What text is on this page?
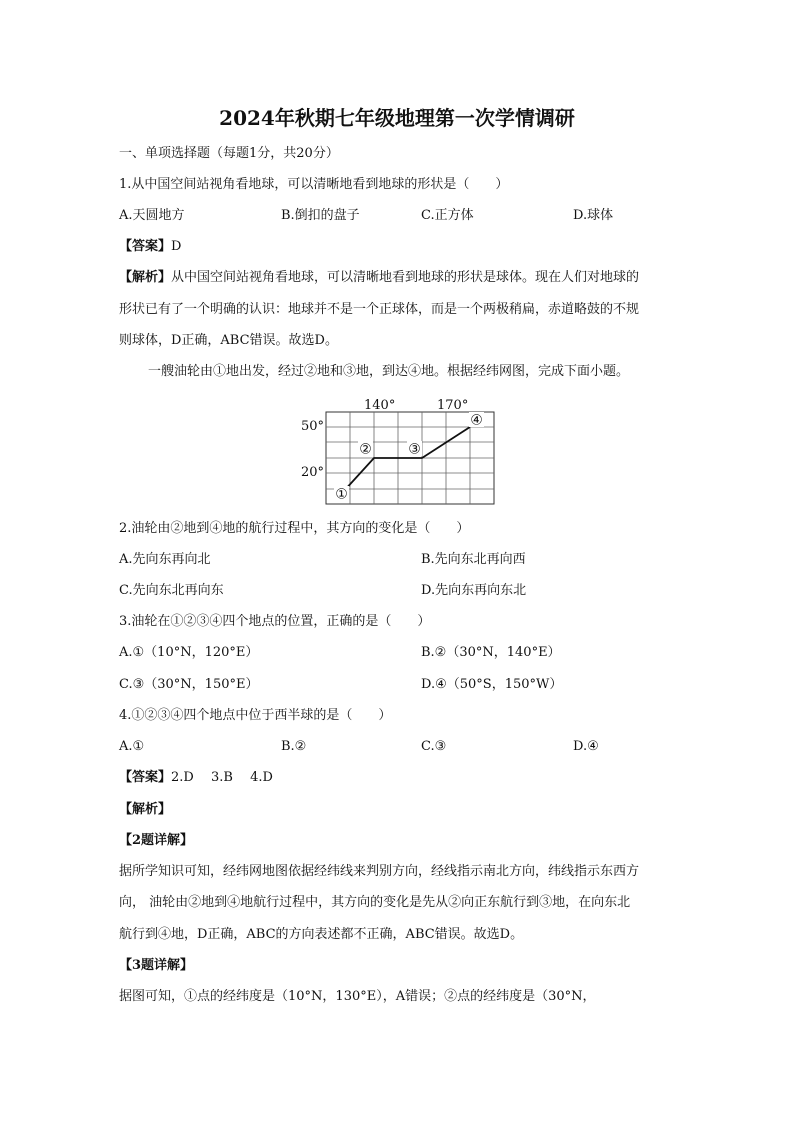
2024年秋期七年级地理第一次学情调研
一、单项选择题（每题1分，共20分）
1.从中国空间站视角看地球，可以清晰地看到地球的形状是（　　）
A.天圆地方	B.倒扣的盘子	C.正方体	D.球体
【答案】D
【解析】从中国空间站视角看地球，可以清晰地看到地球的形状是球体。现在人们对地球的
形状已有了一个明确的认识：地球并不是一个正球体，而是一个两极稍扁，赤道略鼓的不规
则球体，D正确，ABC错误。故选D。
一艘油轮由①地出发，经过②地和③地，到达④地。根据经纬网图，完成下面小题。
140°	170°
50°
20°
①
②	③
④
2.油轮由②地到④地的航行过程中，其方向的变化是（　　）
A.先向东再向北	B.先向东北再向西
C.先向东北再向东	D.先向东再向东北
3.油轮在①②③④四个地点的位置，正确的是（　　）
A.①（10°N，120°E）	B.②（30°N，140°E）
C.③（30°N，150°E）	D.④（50°S，150°W）
4.①②③④四个地点中位于西半球的是（　　）
A.①	B.②	C.③	D.④
【答案】2.D　 3.B　 4.D
【解析】
【2题详解】
据所学知识可知，经纬网地图依据经纬线来判别方向，经线指示南北方向，纬线指示东西方
向， 油轮由②地到④地航行过程中，其方向的变化是先从②向正东航行到③地，在向东北
航行到④地，D正确，ABC的方向表述都不正确，ABC错误。故选D。
【3题详解】
据图可知，①点的经纬度是（10°N，130°E），A错误；②点的经纬度是（30°N，
